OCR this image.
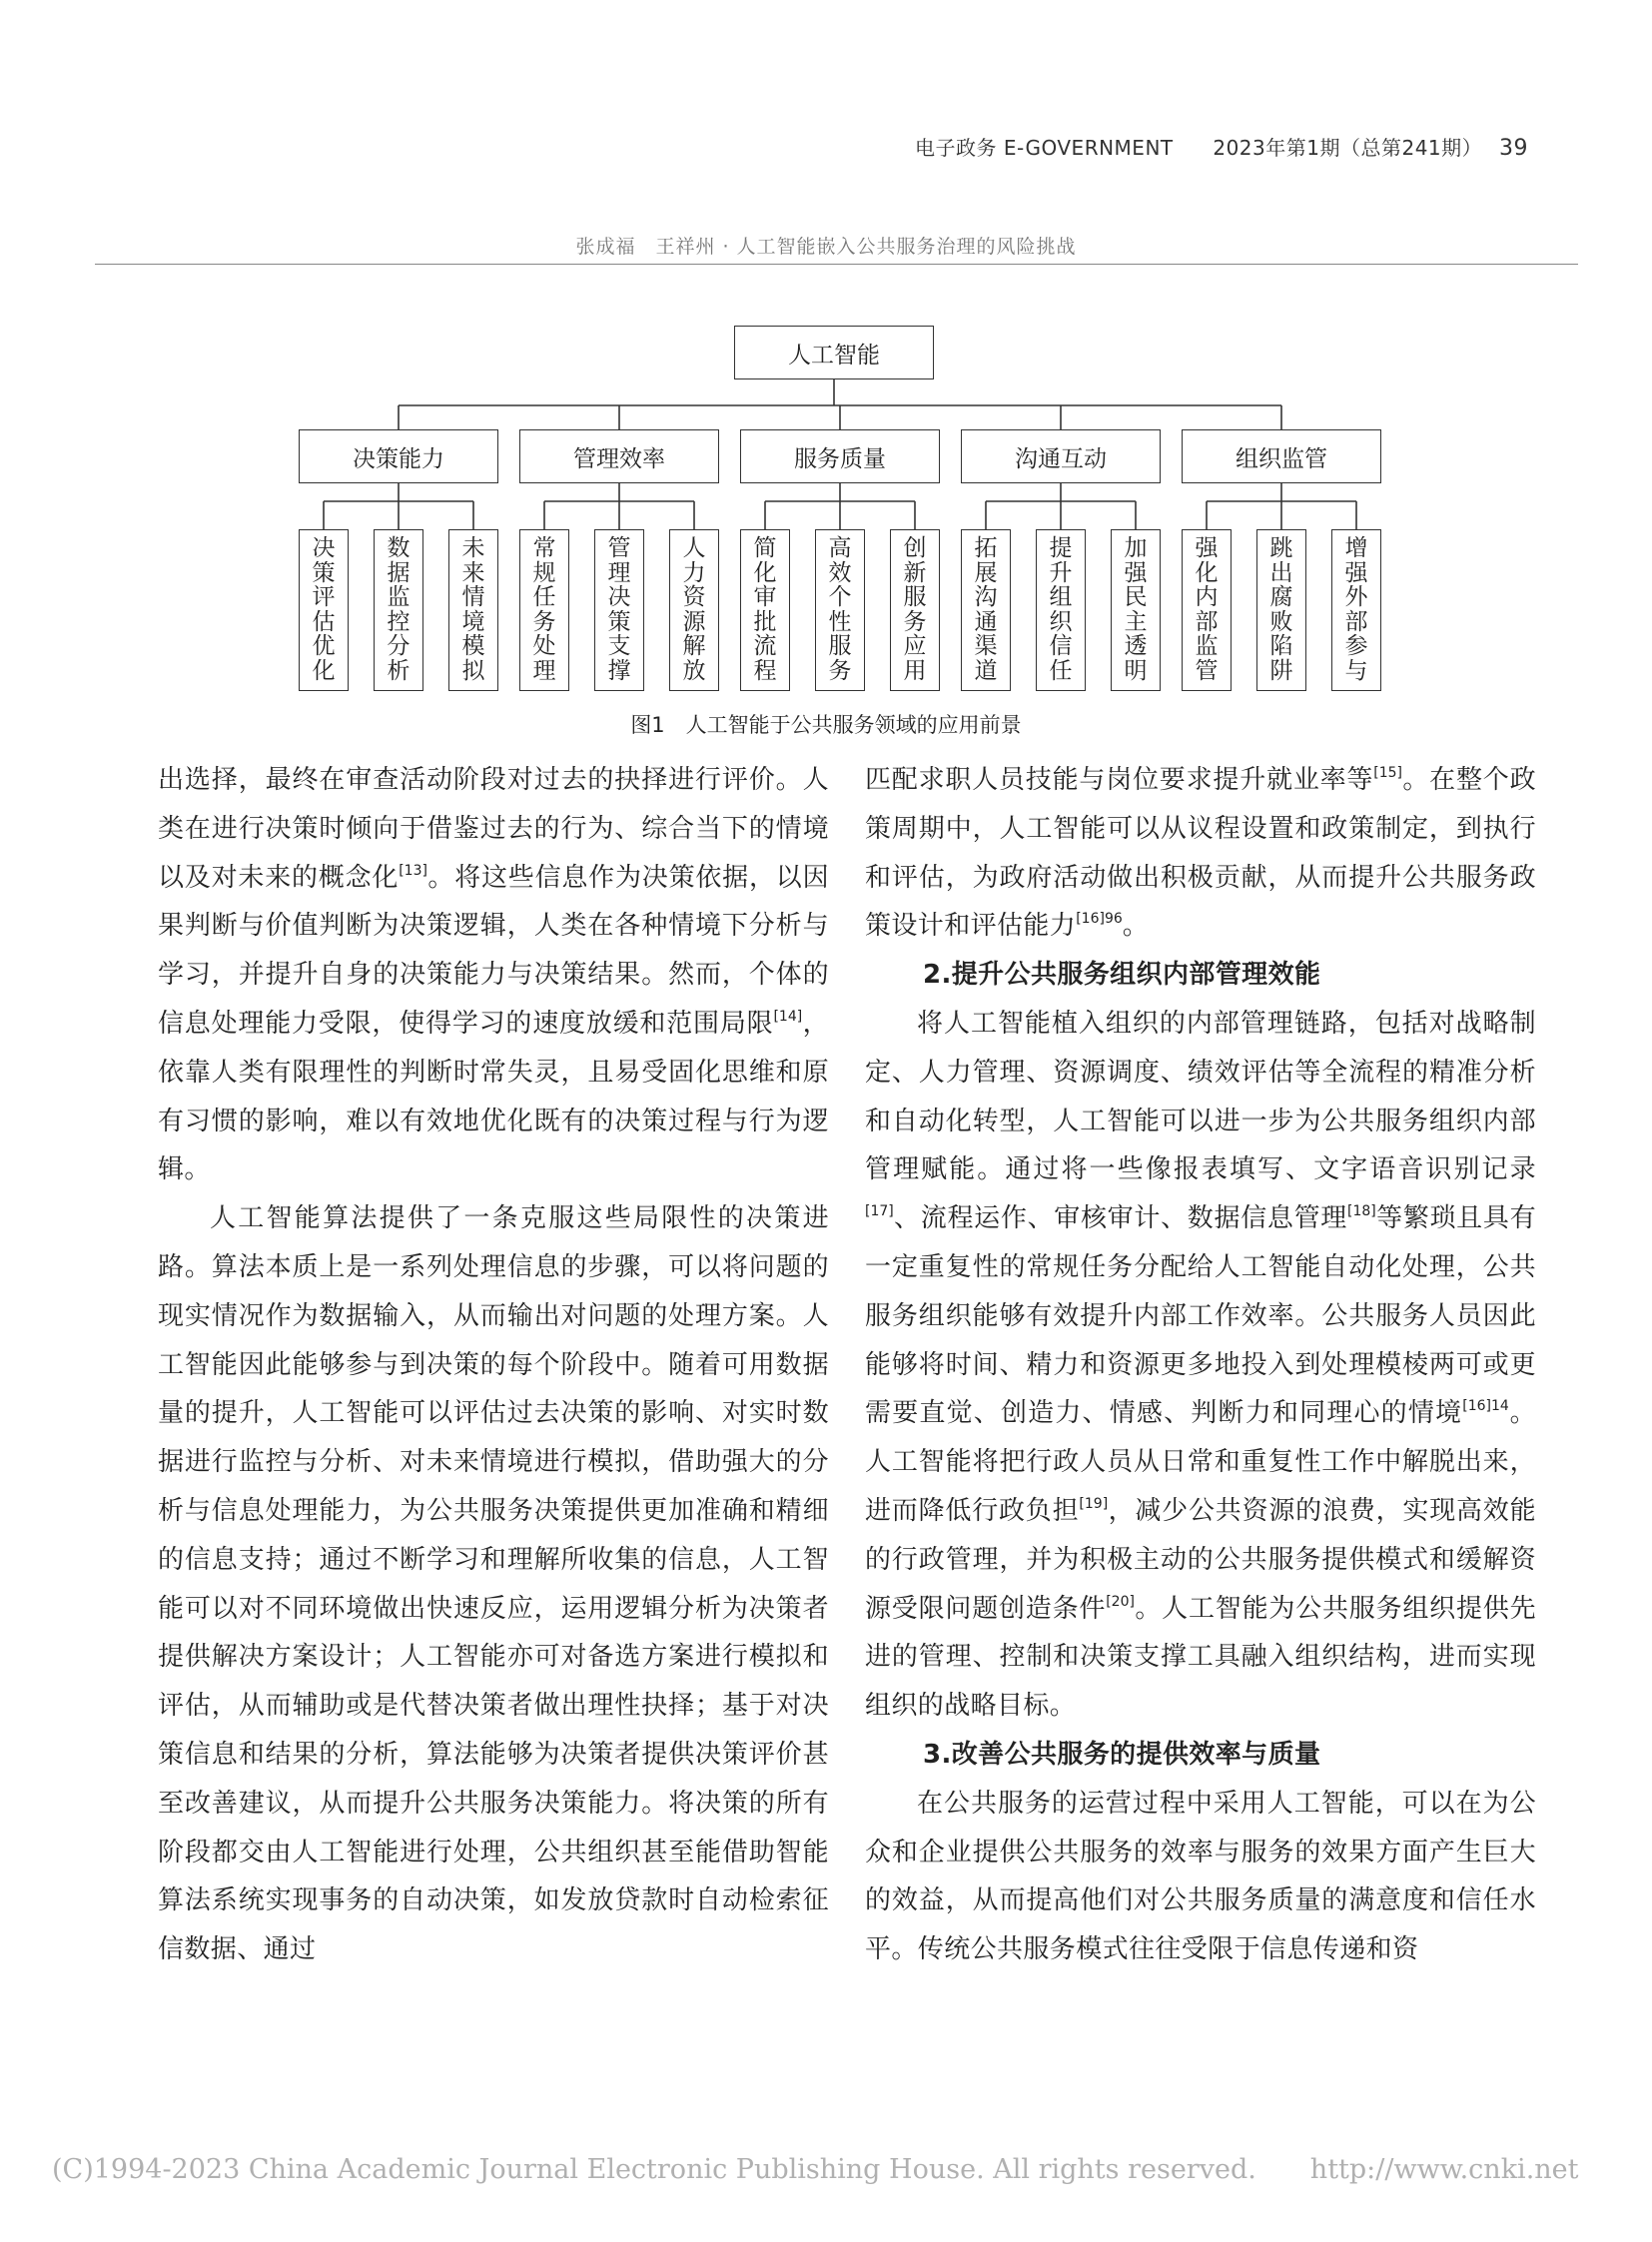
电子政务 E-GOVERNMENT 2023年第1期（总第241期） 39
张成福　王祥州 · 人工智能嵌入公共服务治理的风险挑战
人工智能
决策能力
决
策
评
估
优
化
数
据
监
控
分
析
未
来
情
境
模
拟
管理效率
常
规
任
务
处
理
管
理
决
策
支
撑
人
力
资
源
解
放
服务质量
简
化
审
批
流
程
高
效
个
性
服
务
创
新
服
务
应
用
沟通互动
拓
展
沟
通
渠
道
提
升
组
织
信
任
加
强
民
主
透
明
组织监管
强
化
内
部
监
管
跳
出
腐
败
陷
阱
增
强
外
部
参
与
图1　人工智能于公共服务领域的应用前景

出选择，最终在审查活动阶段对过去的抉择进行评价。人类在进行决策时倾向于借鉴过去的行为、综合当下的情境以及对未来的概念化[13]。将这些信息作为决策依据，以因果判断与价值判断为决策逻辑，人类在各种情境下分析与学习，并提升自身的决策能力与决策结果。然而，个体的信息处理能力受限，使得学习的速度放缓和范围局限[14]，依靠人类有限理性的判断时常失灵，且易受固化思维和原有习惯的影响，难以有效地优化既有的决策过程与行为逻辑。

人工智能算法提供了一条克服这些局限性的决策进路。算法本质上是一系列处理信息的步骤，可以将问题的现实情况作为数据输入，从而输出对问题的处理方案。人工智能因此能够参与到决策的每个阶段中。随着可用数据量的提升，人工智能可以评估过去决策的影响、对实时数据进行监控与分析、对未来情境进行模拟，借助强大的分析与信息处理能力，为公共服务决策提供更加准确和精细的信息支持；通过不断学习和理解所收集的信息，人工智能可以对不同环境做出快速反应，运用逻辑分析为决策者提供解决方案设计；人工智能亦可对备选方案进行模拟和评估，从而辅助或是代替决策者做出理性抉择；基于对决策信息和结果的分析，算法能够为决策者提供决策评价甚至改善建议，从而提升公共服务决策能力。将决策的所有阶段都交由人工智能进行处理，公共组织甚至能借助智能算法系统实现事务的自动决策，如发放贷款时自动检索征信数据、通过

匹配求职人员技能与岗位要求提升就业率等[15]。在整个政策周期中，人工智能可以从议程设置和政策制定，到执行和评估，为政府活动做出积极贡献，从而提升公共服务政策设计和评估能力$^{[16]96}$。

2.提升公共服务组织内部管理效能

将人工智能植入组织的内部管理链路，包括对战略制定、人力管理、资源调度、绩效评估等全流程的精准分析和自动化转型，人工智能可以进一步为公共服务组织内部管理赋能。通过将一些像报表填写、文字语音识别记录[17]、流程运作、审核审计、数据信息管理[18]等繁琐且具有一定重复性的常规任务分配给人工智能自动化处理，公共服务组织能够有效提升内部工作效率。公共服务人员因此能够将时间、精力和资源更多地投入到处理模棱两可或更需要直觉、创造力、情感、判断力和同理心的情境$^{[16]14}$。人工智能将把行政人员从日常和重复性工作中解脱出来，进而降低行政负担[19]，减少公共资源的浪费，实现高效能的行政管理，并为积极主动的公共服务提供模式和缓解资源受限问题创造条件[20]。人工智能为公共服务组织提供先进的管理、控制和决策支撑工具融入组织结构，进而实现组织的战略目标。

3.改善公共服务的提供效率与质量

在公共服务的运营过程中采用人工智能，可以在为公众和企业提供公共服务的效率与服务的效果方面产生巨大的效益，从而提高他们对公共服务质量的满意度和信任水平。传统公共服务模式往往受限于信息传递和资

(C)1994-2023 China Academic Journal Electronic Publishing House. All rights reserved.　　http://www.cnki.net
